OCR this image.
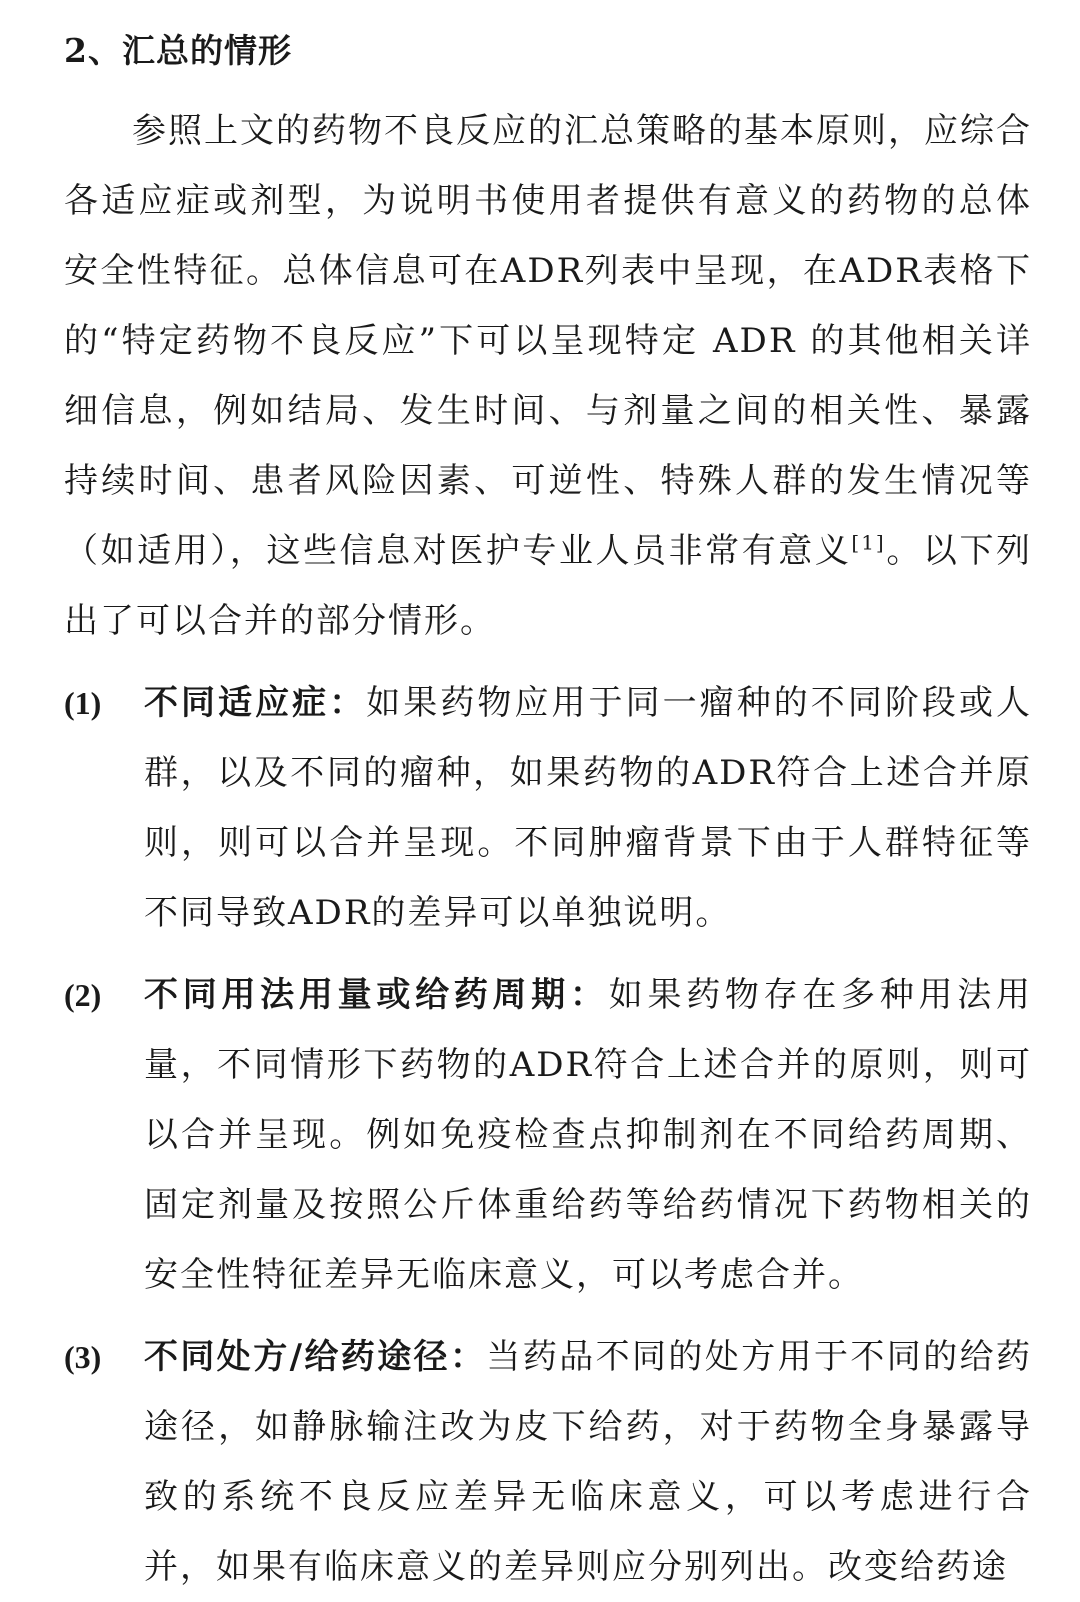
2、汇总的情形

参照上文的药物不良反应的汇总策略的基本原则，应综合各适应症或剂型，为说明书使用者提供有意义的药物的总体安全性特征。总体信息可在ADR列表中呈现，在ADR表格下的“特定药物不良反应”下可以呈现特定 ADR 的其他相关详细信息，例如结局、发生时间、与剂量之间的相关性、暴露持续时间、患者风险因素、可逆性、特殊人群的发生情况等（如适用），这些信息对医护专业人员非常有意义[1]。以下列出了可以合并的部分情形。

(1)	不同适应症：如果药物应用于同一瘤种的不同阶段或人群，以及不同的瘤种，如果药物的ADR符合上述合并原则，则可以合并呈现。不同肿瘤背景下由于人群特征等不同导致ADR的差异可以单独说明。
(2)	不同用法用量或给药周期：如果药物存在多种用法用量，不同情形下药物的ADR符合上述合并的原则，则可以合并呈现。例如免疫检查点抑制剂在不同给药周期、固定剂量及按照公斤体重给药等给药情况下药物相关的安全性特征差异无临床意义，可以考虑合并。
(3)	不同处方/给药途径：当药品不同的处方用于不同的给药途径，如静脉输注改为皮下给药，对于药物全身暴露导致的系统不良反应差异无临床意义，可以考虑进行合并，如果有临床意义的差异则应分别列出。改变给药途
